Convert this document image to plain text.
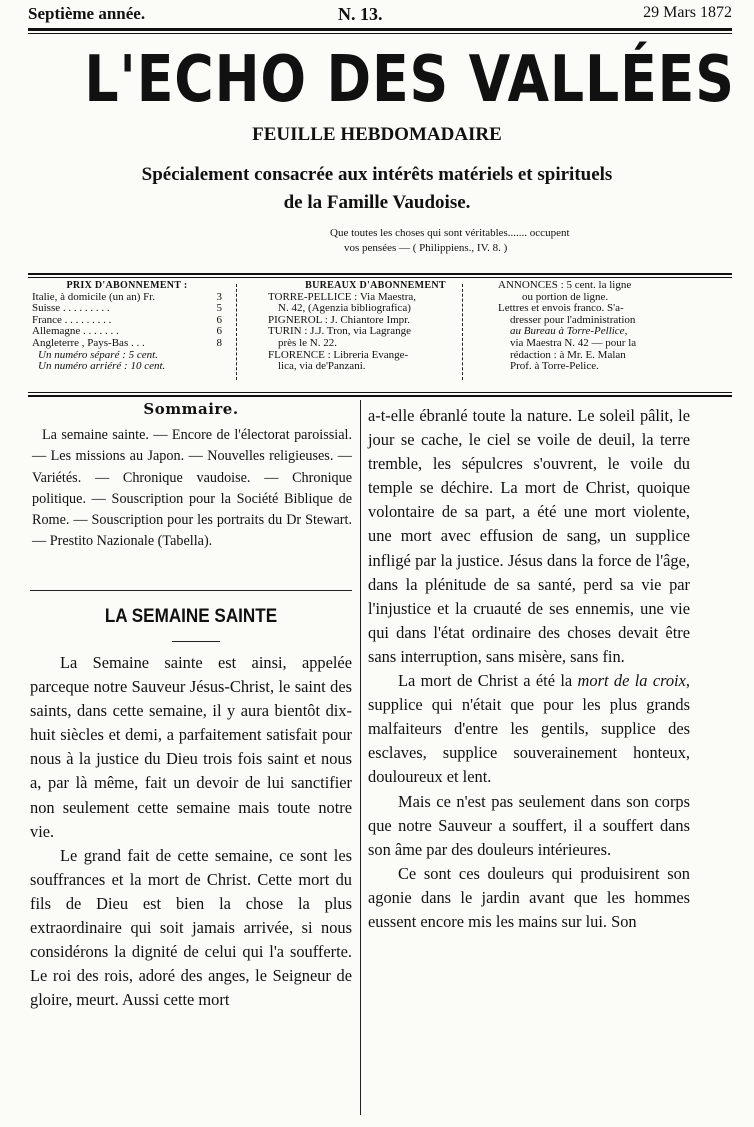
Septième année.	N. 13.	29 Mars 1872
L'ECHO DES VALLÉES
FEUILLE HEBDOMADAIRE
Spécialement consacrée aux intérêts matériels et spirituels
de la Famille Vaudoise.
Que toutes les choses qui sont véritables....... occupent
vos pensées — ( Philippiens., IV. 8. )
PRIX D'ABONNEMENT :
Italie, à domicile (un an) Fr.	3
Suisse . . . . . . . . .	5
France . . . . . . . . .	6
Allemagne . . . . . . .	6
Angleterre , Pays-Bas . . .	8
Un numéro séparé : 5 cent.
Un numéro arriéré : 10 cent.
BUREAUX D'ABONNEMENT
TORRE-PELLICE : Via Maestra,
N. 42, (Agenzia bibliografica)
PIGNEROL : J. Chiantore Impr.
TURIN : J.J. Tron, via Lagrange
près le N. 22.
FLORENCE : Libreria Evange-
lica, via de'Panzani.
ANNONCES : 5 cent. la ligne
ou portion de ligne.
Lettres et envois franco. S'a-
dresser pour l'administration
au Bureau à Torre-Pellice,
via Maestra N. 42 — pour la
rédaction : à Mr. E. Malan
Prof. à Torre-Pelice.
Sommaire.

La semaine sainte. — Encore de l'électorat paroissial. — Les missions au Japon. — Nouvelles religieuses. — Variétés. — Chronique vaudoise. — Chronique politique. — Souscription pour la Société Biblique de Rome. — Souscription pour les portraits du Dr Stewart. — Prestito Nazionale (Tabella).

LA SEMAINE SAINTE

La Semaine sainte est ainsi, appelée parceque notre Sauveur Jésus-Christ, le saint des saints, dans cette semaine, il y aura bientôt dix-huit siècles et demi, a parfaitement satisfait pour nous à la justice du Dieu trois fois saint et nous a, par là même, fait un devoir de lui sanctifier non seulement cette semaine mais toute notre vie.

Le grand fait de cette semaine, ce sont les souffrances et la mort de Christ. Cette mort du fils de Dieu est bien la chose la plus extraordinaire qui soit jamais arrivée, si nous considérons la dignité de celui qui l'a soufferte. Le roi des rois, adoré des anges, le Seigneur de gloire, meurt. Aussi cette mort

a-t-elle ébranlé toute la nature. Le soleil pâlit, le jour se cache, le ciel se voile de deuil, la terre tremble, les sépulcres s'ouvrent, le voile du temple se déchire. La mort de Christ, quoique volontaire de sa part, a été une mort violente, une mort avec effusion de sang, un supplice infligé par la justice. Jésus dans la force de l'âge, dans la plénitude de sa santé, perd sa vie par l'injustice et la cruauté de ses ennemis, une vie qui dans l'état ordinaire des choses devait être sans interruption, sans misère, sans fin.

La mort de Christ a été la mort de la croix, supplice qui n'était que pour les plus grands malfaiteurs d'entre les gentils, supplice des esclaves, supplice souverainement honteux, douloureux et lent.

Mais ce n'est pas seulement dans son corps que notre Sauveur a souffert, il a souffert dans son âme par des douleurs intérieures.

Ce sont ces douleurs qui produisirent son agonie dans le jardin avant que les hommes eussent encore mis les mains sur lui. Son
